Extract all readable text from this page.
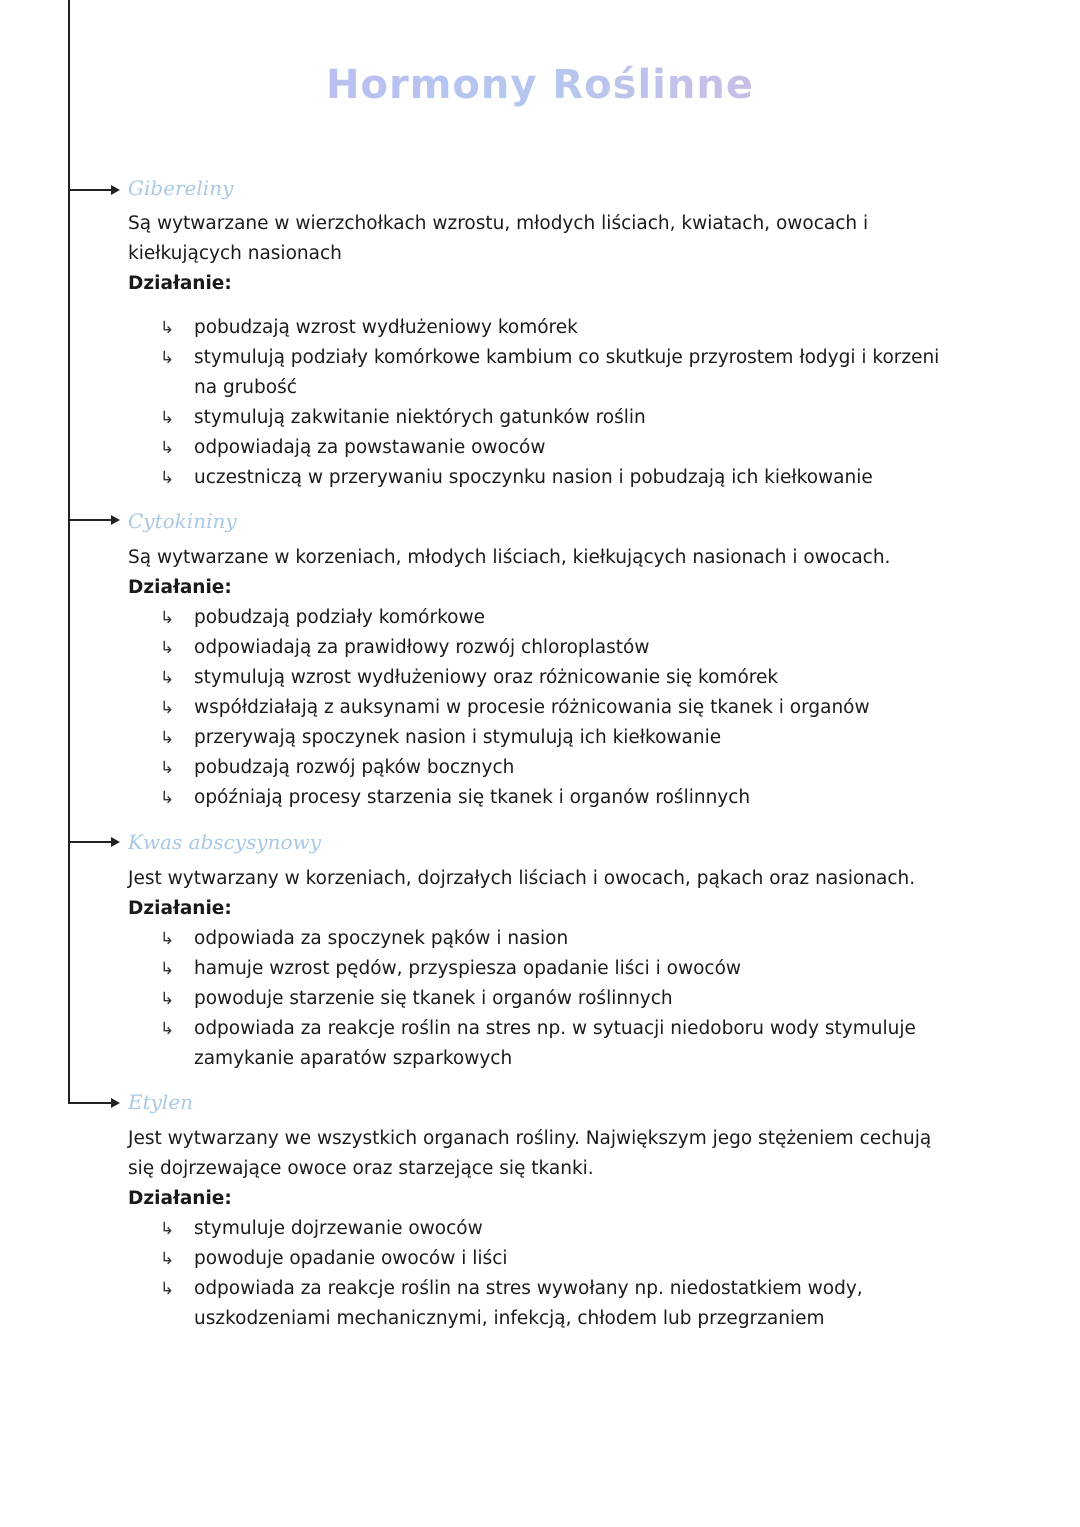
Hormony Roślinne
Gibereliny

Są wytwarzane w wierzchołkach wzrostu, młodych liściach, kwiatach, owocach i kiełkujących nasionach

Działanie:

↳ pobudzają wzrost wydłużeniowy komórek
↳ stymulują podziały komórkowe kambium co skutkuje przyrostem łodygi i korzeni na grubość
↳ stymulują zakwitanie niektórych gatunków roślin
↳ odpowiadają za powstawanie owoców
↳ uczestniczą w przerywaniu spoczynku nasion i pobudzają ich kiełkowanie
Cytokininy

Są wytwarzane w korzeniach, młodych liściach, kiełkujących nasionach i owocach.

Działanie:

↳ pobudzają podziały komórkowe
↳ odpowiadają za prawidłowy rozwój chloroplastów
↳ stymulują wzrost wydłużeniowy oraz różnicowanie się komórek
↳ współdziałają z auksynami w procesie różnicowania się tkanek i organów
↳ przerywają spoczynek nasion i stymulują ich kiełkowanie
↳ pobudzają rozwój pąków bocznych
↳ opóźniają procesy starzenia się tkanek i organów roślinnych
Kwas abscysynowy

Jest wytwarzany w korzeniach, dojrzałych liściach i owocach, pąkach oraz nasionach.

Działanie:

↳ odpowiada za spoczynek pąków i nasion
↳ hamuje wzrost pędów, przyspiesza opadanie liści i owoców
↳ powoduje starzenie się tkanek i organów roślinnych
↳ odpowiada za reakcje roślin na stres np. w sytuacji niedoboru wody stymuluje zamykanie aparatów szparkowych
Etylen

Jest wytwarzany we wszystkich organach rośliny. Największym jego stężeniem cechują się dojrzewające owoce oraz starzejące się tkanki.

Działanie:

↳ stymuluje dojrzewanie owoców
↳ powoduje opadanie owoców i liści
↳ odpowiada za reakcje roślin na stres wywołany np. niedostatkiem wody, uszkodzeniami mechanicznymi, infekcją, chłodem lub przegrzaniem
